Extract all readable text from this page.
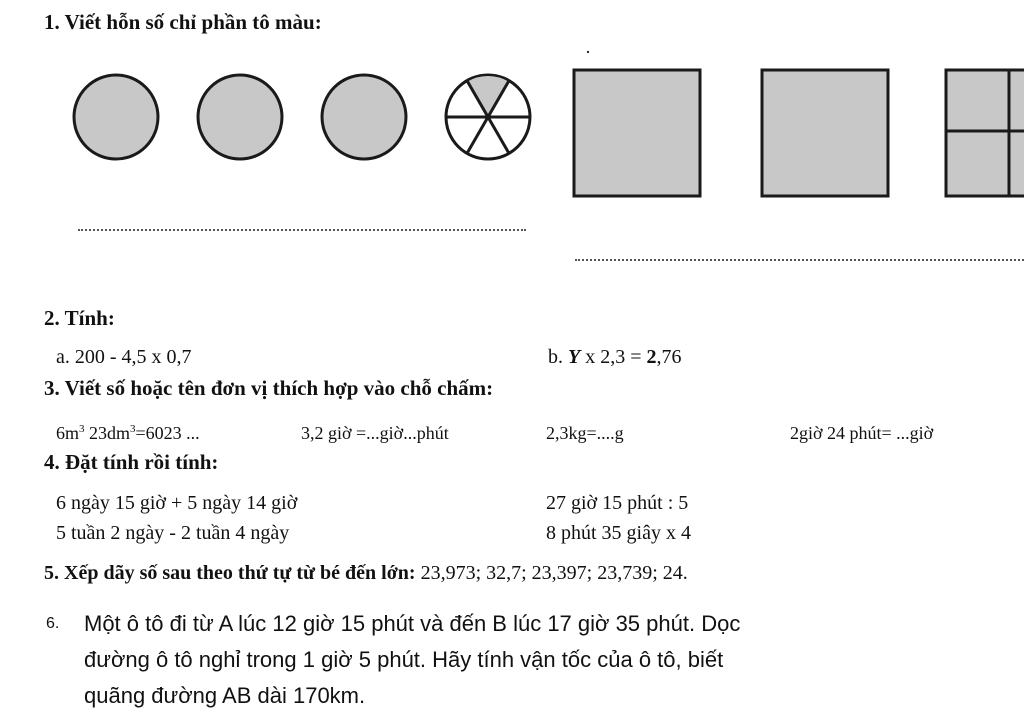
1. Viết hỗn số chỉ phần tô màu:
2. Tính:
a. 200 - 4,5 x 0,7	b. Y x 2,3 = 2,76
3. Viết số hoặc tên đơn vị thích hợp vào chỗ chấm:
$6m^3$ $23dm^3=6023$ ...	3,2 giờ =...giờ...phút	2,3kg=....g	2giờ 24 phút= ...giờ
4. Đặt tính rồi tính:
6 ngày 15 giờ + 5 ngày 14 giờ	27 giờ 15 phút : 5
5 tuần 2 ngày - 2 tuần 4 ngày	8 phút 35 giây x 4
5. Xếp dãy số sau theo thứ tự từ bé đến lớn: 23,973; 32,7; 23,397; 23,739; 24.
6. Một ô tô đi từ A lúc 12 giờ 15 phút và đến B lúc 17 giờ 35 phút. Dọc
đường ô tô nghỉ trong 1 giờ 5 phút. Hãy tính vận tốc của ô tô, biết
quãng đường AB dài 170km.
